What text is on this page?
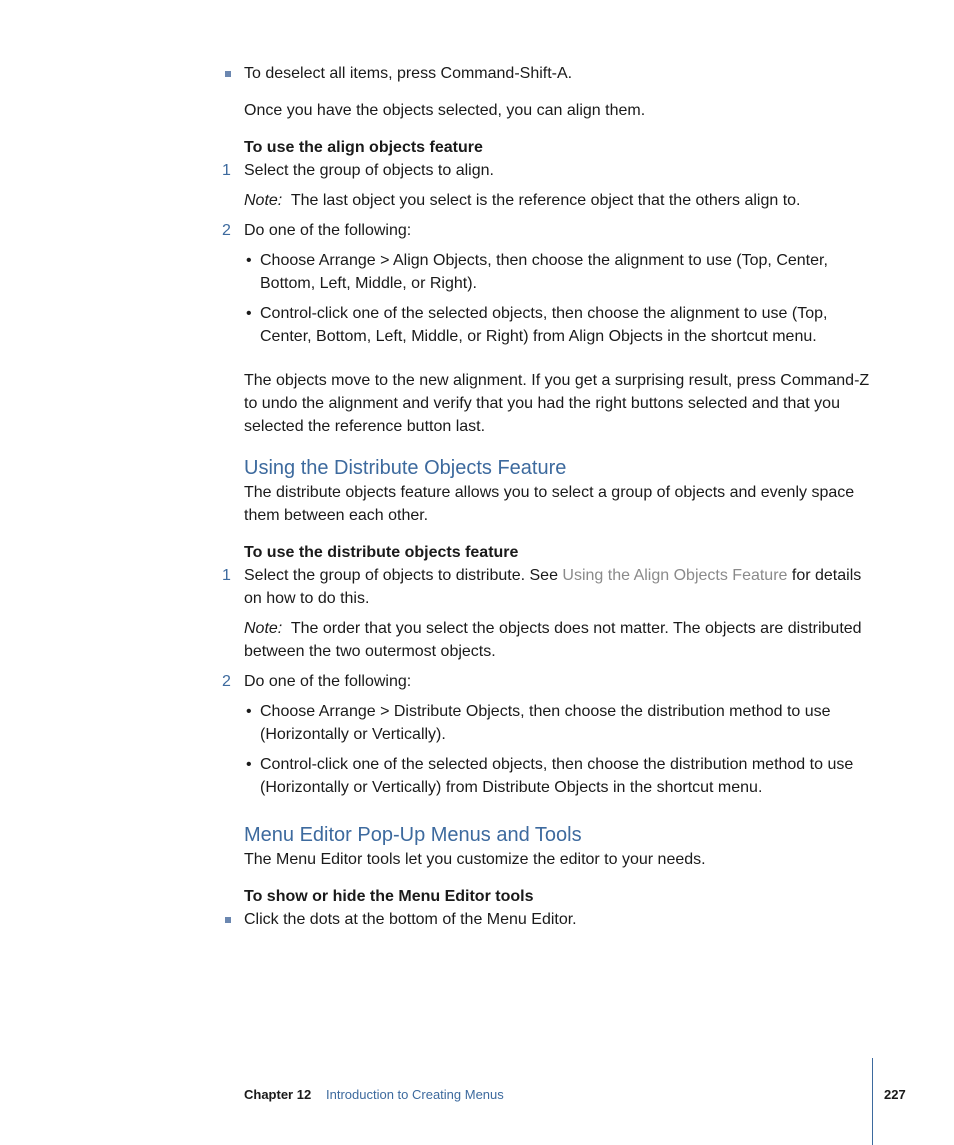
To deselect all items, press Command-Shift-A.
Once you have the objects selected, you can align them.
To use the align objects feature
1 Select the group of objects to align.
Note: The last object you select is the reference object that the others align to.
2 Do one of the following:
• Choose Arrange > Align Objects, then choose the alignment to use (Top, Center, Bottom, Left, Middle, or Right).
• Control-click one of the selected objects, then choose the alignment to use (Top, Center, Bottom, Left, Middle, or Right) from Align Objects in the shortcut menu.
The objects move to the new alignment. If you get a surprising result, press Command-Z to undo the alignment and verify that you had the right buttons selected and that you selected the reference button last.
Using the Distribute Objects Feature
The distribute objects feature allows you to select a group of objects and evenly space them between each other.
To use the distribute objects feature
1 Select the group of objects to distribute. See Using the Align Objects Feature for details on how to do this.
Note: The order that you select the objects does not matter. The objects are distributed between the two outermost objects.
2 Do one of the following:
• Choose Arrange > Distribute Objects, then choose the distribution method to use (Horizontally or Vertically).
• Control-click one of the selected objects, then choose the distribution method to use (Horizontally or Vertically) from Distribute Objects in the shortcut menu.
Menu Editor Pop-Up Menus and Tools
The Menu Editor tools let you customize the editor to your needs.
To show or hide the Menu Editor tools
Click the dots at the bottom of the Menu Editor.
Chapter 12 Introduction to Creating Menus	227
